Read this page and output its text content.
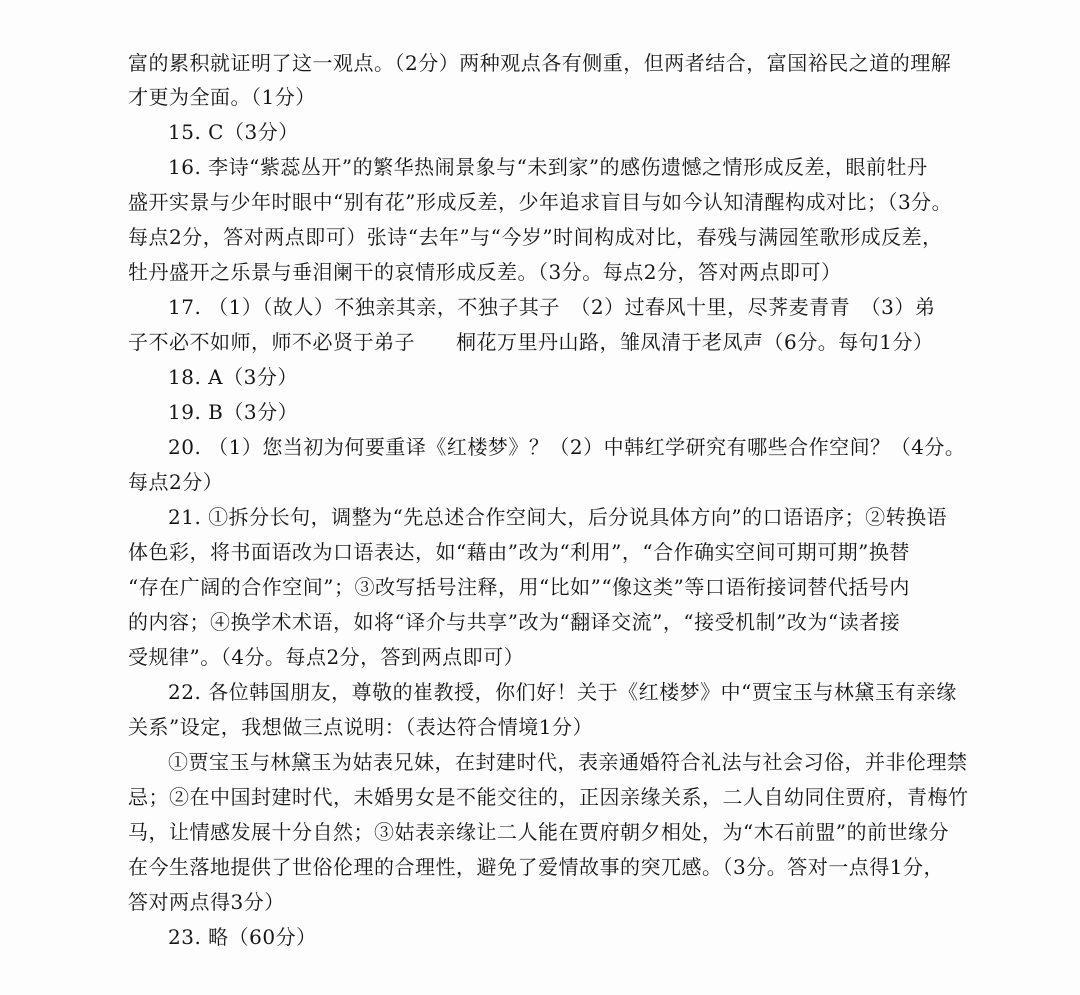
富的累积就证明了这一观点。（2分）两种观点各有侧重，但两者结合，富国裕民之道的理解
才更为全面。（1分）
15. C（3分）
16. 李诗“紫蕊丛开”的繁华热闹景象与“未到家”的感伤遗憾之情形成反差，眼前牡丹
盛开实景与少年时眼中“别有花”形成反差，少年追求盲目与如今认知清醒构成对比；（3分。
每点2分，答对两点即可）张诗“去年”与“今岁”时间构成对比，春残与满园笙歌形成反差，
牡丹盛开之乐景与垂泪阑干的哀情形成反差。（3分。每点2分，答对两点即可）
17. （1）（故人）不独亲其亲，不独子其子　（2）过春风十里，尽荠麦青青　（3）弟
子不必不如师，师不必贤于弟子　　桐花万里丹山路，雏凤清于老凤声（6分。每句1分）
18. A（3分）
19. B（3分）
20. （1）您当初为何要重译《红楼梦》？（2）中韩红学研究有哪些合作空间？（4分。
每点2分）
21. ①拆分长句，调整为“先总述合作空间大，后分说具体方向”的口语语序；②转换语
体色彩，将书面语改为口语表达，如“藉由”改为“利用”，“合作确实空间可期可期”换替
“存在广阔的合作空间”；③改写括号注释，用“比如”“像这类”等口语衔接词替代括号内
的内容；④换学术术语，如将“译介与共享”改为“翻译交流”，“接受机制”改为“读者接
受规律”。（4分。每点2分，答到两点即可）
22. 各位韩国朋友，尊敬的崔教授，你们好！关于《红楼梦》中“贾宝玉与林黛玉有亲缘
关系”设定，我想做三点说明：（表达符合情境1分）
①贾宝玉与林黛玉为姑表兄妹，在封建时代，表亲通婚符合礼法与社会习俗，并非伦理禁
忌；②在中国封建时代，未婚男女是不能交往的，正因亲缘关系，二人自幼同住贾府，青梅竹
马，让情感发展十分自然；③姑表亲缘让二人能在贾府朝夕相处，为“木石前盟”的前世缘分
在今生落地提供了世俗伦理的合理性，避免了爱情故事的突兀感。（3分。答对一点得1分，
答对两点得3分）
23. 略（60分）
